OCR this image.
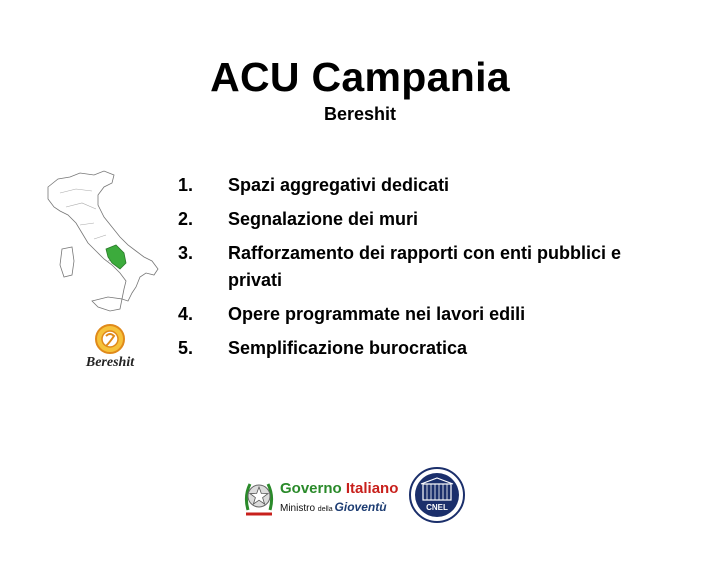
ACU Campania
Bereshit
1.	Spazi aggregativi dedicati
2.	Segnalazione dei muri
3.	Rafforzamento dei rapporti con enti pubblici e privati
4.	Opere programmate nei lavori edili
5.	Semplificazione burocratica
Bereshit
Governo Italiano
Ministro della Gioventù	CNEL
